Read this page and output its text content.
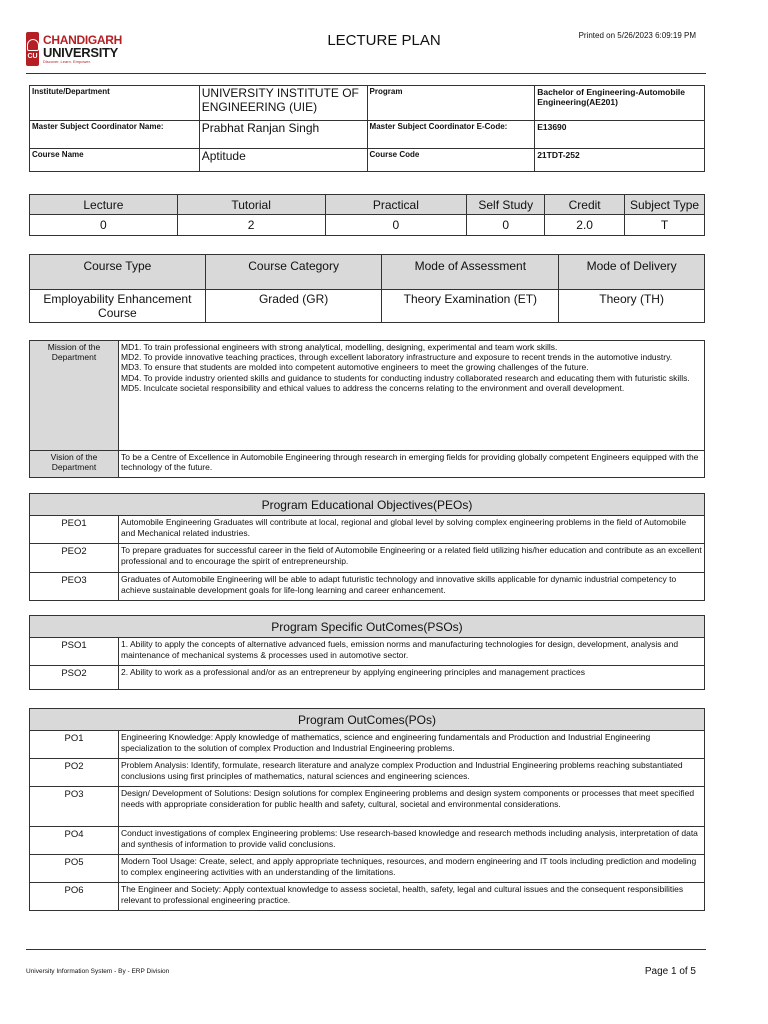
CU
CHANDIGARH
UNIVERSITY
Discover. Learn. Empower.
LECTURE PLAN	Printed on 5/26/2023 6:09:19 PM
Institute/Department	UNIVERSITY INSTITUTE OF ENGINEERING (UIE)	Program	Bachelor of Engineering-Automobile Engineering(AE201)
Master Subject Coordinator Name:	Prabhat Ranjan Singh	Master Subject Coordinator E-Code:	E13690
Course Name	Aptitude	Course Code	21TDT-252
Lecture	Tutorial	Practical	Self Study	Credit	Subject Type
0	2	0	0	2.0	T
Course Type	Course Category	Mode of Assessment	Mode of Delivery
Employability Enhancement Course	Graded (GR)	Theory Examination (ET)	Theory (TH)
Mission of the Department	MD1. To train professional engineers with strong analytical, modelling, designing, experimental and team work skills.
MD2. To provide innovative teaching practices, through excellent laboratory infrastructure and exposure to recent trends in the automotive industry.
MD3. To ensure that students are molded into competent automotive engineers to meet the growing challenges of the future.
MD4. To provide industry oriented skills and guidance to students for conducting industry collaborated research and educating them with futuristic skills.
MD5. Inculcate societal responsibility and ethical values to address the concerns relating to the environment and overall development.

Vision of the Department	To be a Centre of Excellence in Automobile Engineering through research in emerging fields for providing globally competent Engineers equipped with the technology of the future.
Program Educational Objectives(PEOs)	
PEO1	Automobile Engineering Graduates will contribute at local, regional and global level by solving complex engineering problems in the field of Automobile and Mechanical related industries.
PEO2	To prepare graduates for successful career in the field of Automobile Engineering or a related field utilizing his/her education and contribute as an excellent professional and to encourage the spirit of entrepreneurship.
PEO3	Graduates of Automobile Engineering will be able to adapt futuristic technology and innovative skills applicable for dynamic industrial competency to achieve sustainable development goals for life-long learning and career enhancement.
Program Specific OutComes(PSOs)	
PSO1	1. Ability to apply the concepts of alternative advanced fuels, emission norms and manufacturing technologies for design, development, analysis and maintenance of mechanical systems & processes used in automotive sector.
PSO2	2. Ability to work as a professional and/or as an entrepreneur by applying engineering principles and management practices
Program OutComes(POs)	
PO1	Engineering Knowledge: Apply knowledge of mathematics, science and engineering fundamentals and Production and Industrial Engineering specialization to the solution of complex Production and Industrial Engineering problems.
PO2	Problem Analysis: Identify, formulate, research literature and analyze complex Production and Industrial Engineering problems reaching substantiated conclusions using first principles of mathematics, natural sciences and engineering sciences.
PO3	Design/ Development of Solutions: Design solutions for complex Engineering problems and design system components or processes that meet specified needs with appropriate consideration for public health and safety, cultural, societal and environmental considerations.
PO4	Conduct investigations of complex Engineering problems: Use research-based knowledge and research methods including analysis, interpretation of data and synthesis of information to provide valid conclusions.
PO5	Modern Tool Usage: Create, select, and apply appropriate techniques, resources, and modern engineering and IT tools including prediction and modeling to complex engineering activities with an understanding of the limitations.
PO6	The Engineer and Society: Apply contextual knowledge to assess societal, health, safety, legal and cultural issues and the consequent responsibilities relevant to professional engineering practice.
University Information System - By - ERP Division	Page 1 of 5
